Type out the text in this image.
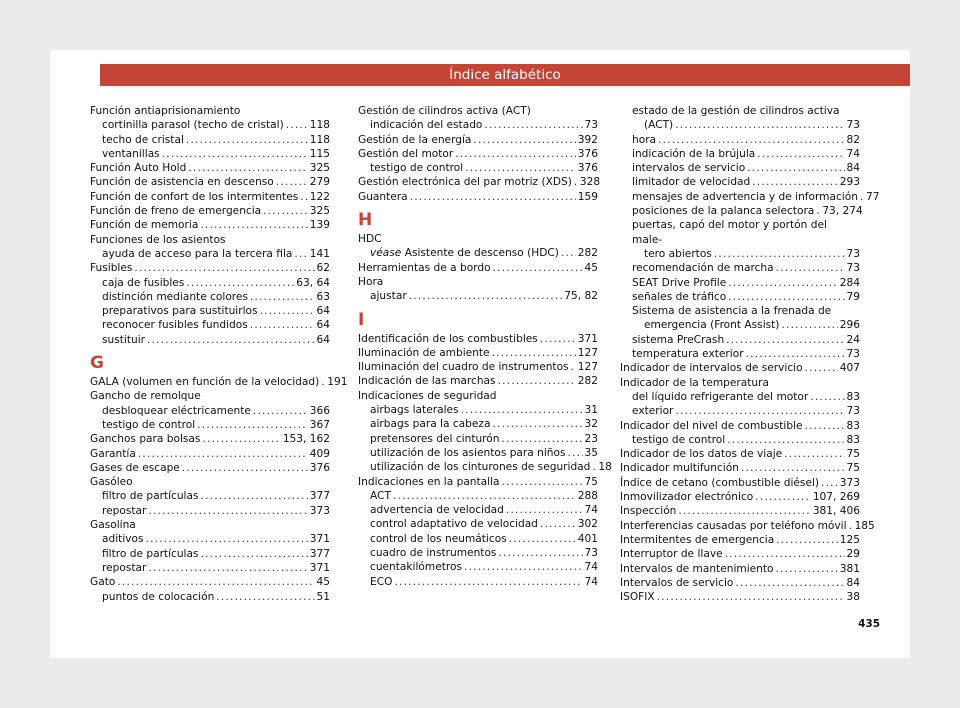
Índice alfabético
Función antiaprisionamiento
cortinilla parasol (techo de cristal) ..... 118
techo de cristal .....	118
ventanillas .....	115
Función Auto Hold .....	325
Función de asistencia en descenso .....	279
Función de confort de los intermitentes ..... 122
Función de freno de emergencia .....	325
Función de memoria .....	139
Funciones de los asientos
ayuda de acceso para la tercera fila ..... 141
Fusibles .....	62
caja de fusibles .....	63, 64
distinción mediante colores .....	63
preparativos para sustituirlos .....	64
reconocer fusibles fundidos .....	64
sustituir .....	64
G
GALA (volumen en función de la velocidad) ..... 191
Gancho de remolque
desbloquear eléctricamente .....	366
testigo de control .....	367
Ganchos para bolsas .....	153, 162
Garantía .....	409
Gases de escape .....	376
Gasóleo
filtro de partículas .....	377
repostar .....	373
Gasolina
aditivos .....	371
filtro de partículas .....	377
repostar .....	371
Gato .....	45
puntos de colocación .....	51
Gestión de cilindros activa (ACT)
indicación del estado .....	73
Gestión de la energía .....	392
Gestión del motor .....	376
testigo de control .....	376
Gestión electrónica del par motriz (XDS) ..... 328
Guantera .....	159
H
HDC
véase Asistente de descenso (HDC) ..... 282
Herramientas de a bordo .....	45
Hora
ajustar .....	75, 82
I
Identificación de los combustibles .....	371
Iluminación de ambiente .....	127
Iluminación del cuadro de instrumentos ..... 127
Indicación de las marchas .....	282
Indicaciones de seguridad
airbags laterales .....	31
airbags para la cabeza .....	32
pretensores del cinturón .....	23
utilización de los asientos para niños ..... 35
utilización de los cinturones de seguridad ..... 18
Indicaciones en la pantalla .....	75
ACT .....	288
advertencia de velocidad .....	74
control adaptativo de velocidad .....	302
control de los neumáticos .....	401
cuadro de instrumentos .....	73
cuentakilómetros .....	74
ECO .....	74
estado de la gestión de cilindros activa
(ACT) .....	73
hora .....	82
indicación de la brújula .....	74
intervalos de servicio .....	84
limitador de velocidad .....	293
mensajes de advertencia y de información ..... 77
posiciones de la palanca selectora ..... 73, 274
puertas, capó del motor y portón del male-
tero abiertos .....	73
recomendación de marcha .....	73
SEAT Drive Profile .....	284
señales de tráfico .....	79
Sistema de asistencia a la frenada de
emergencia (Front Assist) .....	296
sistema PreCrash .....	24
temperatura exterior .....	73
Indicador de intervalos de servicio .....	407
Indicador de la temperatura
del líquido refrigerante del motor .....	83
exterior .....	73
Indicador del nivel de combustible .....	83
testigo de control .....	83
Indicador de los datos de viaje .....	75
Indicador multifunción .....	75
Índice de cetano (combustible diésel) ..... 373
Inmovilizador electrónico .....	107, 269
Inspección .....	381, 406
Interferencias causadas por teléfono móvil ..... 185
Intermitentes de emergencia .....	125
Interruptor de llave .....	29
Intervalos de mantenimiento .....	381
Intervalos de servicio .....	84
ISOFIX .....	38
435
